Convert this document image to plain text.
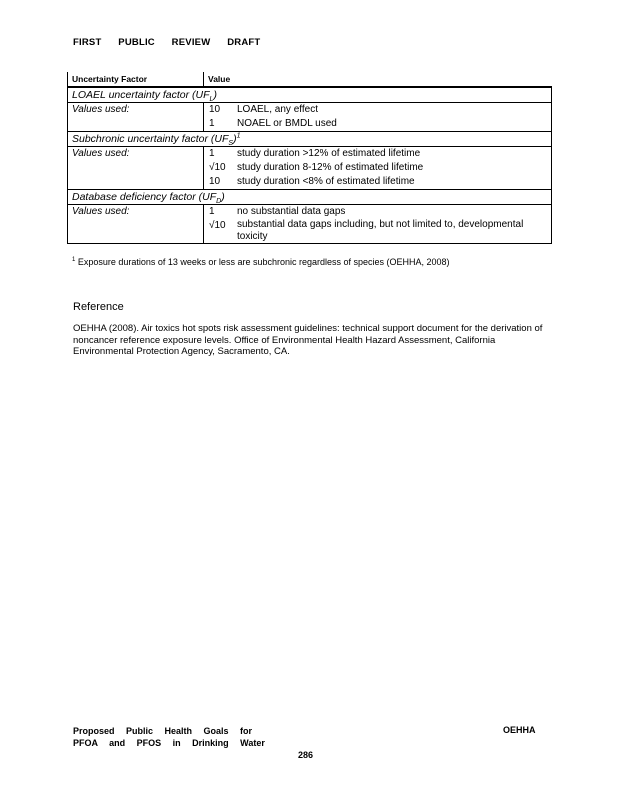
FIRST PUBLIC REVIEW DRAFT
Uncertainty Factor	Value	
LOAEL uncertainty factor $(UF_L)$		
Values used:	10	LOAEL, any effect
	1	NOAEL or BMDL used
Subchronic uncertainty factor $(UF_S)^1$
Values used:	1	study duration >12% of estimated lifetime
	√10	study duration 8-12% of estimated lifetime
	10	study duration <8% of estimated lifetime
Database deficiency factor $(UF_D)$		
Values used:	1	no substantial data gaps
	√10	substantial data gaps including, but not limited to, developmental toxicity
$^1$ Exposure durations of 13 weeks or less are subchronic regardless of species (OEHHA, 2008)
Reference
OEHHA (2008). Air toxics hot spots risk assessment guidelines: technical support document for the derivation of noncancer reference exposure levels. Office of Environmental Health Hazard Assessment, California Environmental Protection Agency, Sacramento, CA.
Proposed Public Health Goals for
PFOA and PFOS in Drinking Water
OEHHA
286
